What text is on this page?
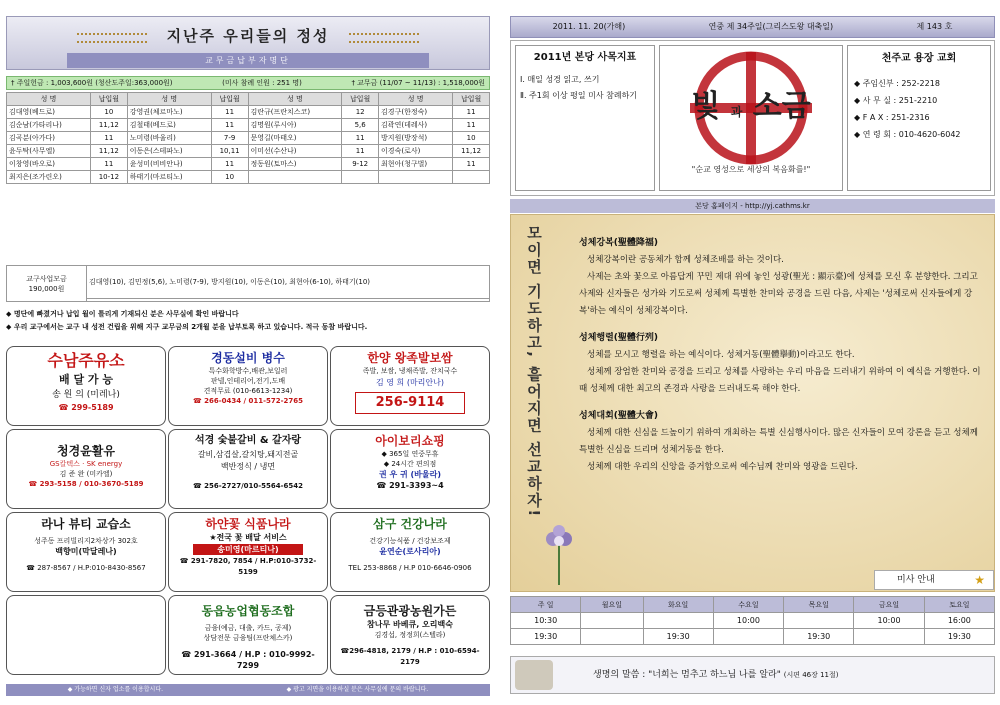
지난주 우리들의 정성
교무금납부자명단
† 주일헌금 : 1,003,600원 (청산도주일:363,000원)	(미사 참례 인원 : 251 명)	† 교무금 (11/07 ~ 11/13) : 1,518,000원
성 명	납입월	성 명	납입월	성 명	납입월	성 명	납입월
김대영(베드로)	10	강영권(체르마노)	11	김란규(프란치스코)	12	김경구(한정숙)	11
김순남(가타리나)	11,12	김철태(베드로)	11	김명원(루시아)	5,6	김곽연(데레사)	11
김곡분(아가다)	11	노미령(바울리)	7-9	문영길(마태오)	11	방지원(방장석)	10
윤두탁(사무엘)	11,12	이동은(스테파노)	10,11	이미선(수산나)	11	이경숙(로사)	11,12
이창영(바오로)	11	윤성미(비비안나)	11	정동원(토마스)	9-12	최현아(청구벌)	11
최지은(조가린오)	10-12	하태기(마르티노)	10				
교구사업모금
190,000원
	김대영(10), 김민정(5,6), 노미령(7-9), 방지원(10), 이동은(10), 최현아(6-10), 하태기(10)

◆ 명단에 빠졌거나 납입 월이 틀리게 기재되신 분은 사무실에 확인 바랍니다
◆ 우리 교구에서는 교구 내 성전 건립을 위해 지구 교무금의 2개월 분을 납부토록 하고 있습니다. 적극 동참 바랍니다.
수남주유소
배 달 가 능
송 원 의 (미레나)
☎ 299-5189
경동설비 병수
특수화학방수,배관,보일러
판넬,인테리어,전기,도배
견적무료 (010-6613-1234)
☎ 266-0434 / 011-572-2765
한양 왕족발보쌈
족발, 보쌈, 냉채족발, 잔치국수
김 영 희 (마리안나)
256-9114
청경윤활유
GS칼텍스 · SK energy
김 준 완 (미카엘)
☎ 293-5158 / 010-3670-5189
석경 숯불갈비 & 갈자랑
갈비,삼겹살,갈치탕,돼지전골
백반정식 / 냉면
☎ 256-2727/010-5564-6542
아이보리쇼핑
◆ 365일 연중무휴
◆ 24시간 편의점
권 우 귀 (바울라)
☎ 291-3393~4
라나 뷰티 교습소
성주동 프리빌리지2차상가 302호
백향미(막달레나)
☎ 287-8567 / H.P:010-8430-8567
하얀꽃 식품나라
★전국 꽃 배달 서비스
송미영(마르티나)
☎ 291-7820, 7854 / H.P:010-3732-5199
삼구 건강나라
건강기능식품 / 건강보조제
윤연순(로사리아)
TEL 253-8868 / H.P 010-6646-0906
동읍농업협동조합
금융(예금, 대출, 카드, 공제)
상담전문 금융팀(프란체스카)
☎ 291-3664 / H.P : 010-9992-7299
금등관광농원가든
참나무 바베큐, 오리백숙
김경섭, 정정희(스텔라)
☎296-4818, 2179 / H.P : 010-6594-2179
◆ 가능하면 신자 업소를 이용합시다.	◆ 광고 지면을 이용하실 분은 사무실에 문의 바랍니다.
2011. 11. 20(가해)	연중 제 34주일(그리스도왕 대축일)	제 143 호
2011년 본당 사목지표
Ⅰ. 매일 성경 읽고, 쓰기
Ⅱ. 주1회 이상 평일 미사 참례하기	빛 과 소금
"순교 영성으로 세상의 복음화를!"
천주교 용장 교회
◆ 주임신부 : 252-2218
◆ 사 무 실 : 251-2210
◆ F A X : 251-2316
◆ 연 령 회 : 010-4620-6042
본당 홈페이지 - http://yj.cathms.kr
모이면 기도하고, 흩어지면 선교하자!	성체강복(聖體降福)

성체강복이란 공동체가 함께 성체조배를 하는 것이다.

사제는 초와 꽃으로 아름답게 꾸민 제대 위에 놓인 성광(聖光 : 顯示臺)에 성체를 모신 후 분향한다. 그리고 사제와 신자들은 성가와 기도로써 성체께 특별한 찬미와 공경을 드린 다음, 사제는 '성체로써 신자들에게 강복'하는 예식이 성체강복이다.

성체행렬(聖體行列)

성체를 모시고 행렬을 하는 예식이다. 성체거동(聖體擧動)이라고도 한다.

성체께 장엄한 찬미와 공경을 드리고 성체를 사랑하는 우리 마음을 드러내기 위하여 이 예식을 거행한다. 이때 성체께 대한 최고의 존경과 사랑을 드러내도록 해야 한다.

성체대회(聖體大會)

성체께 대한 신심을 드높이기 위하여 개최하는 특별 신심행사이다. 많은 신자들이 모여 강론을 듣고 성체께 특별한 신심을 드리며 성체거동을 한다.

성체께 대한 우리의 신앙을 증거함으로써 예수님께 찬미와 영광을 드린다.

미사 안내	★
주 일	월요일	화요일	수요일	목요일	금요일	토요일
10:30			10:00		10:00	16:00
19:30		19:30		19:30		19:30
생명의 말씀 : "너희는 멈추고 하느님 나를 알라" (시편 46장 11절)
